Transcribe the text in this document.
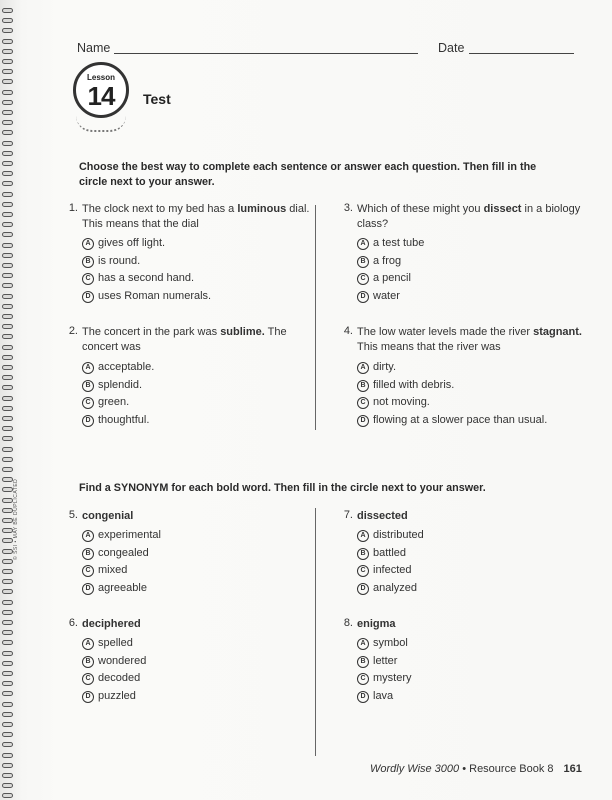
© SSI • MAY BE DUPLICATED
Name	Date
Lesson
14	Test
Choose the best way to complete each sentence or answer each question. Then fill in the circle next to your answer.
1. The clock next to my bed has a luminous dial. This means that the dial
A gives off light.
B is round.
C has a second hand.
D uses Roman numerals.
2. The concert in the park was sublime. The concert was
A acceptable.
B splendid.
C green.
D thoughtful.
3. Which of these might you dissect in a biology class?
A a test tube
B a frog
C a pencil
D water
4. The low water levels made the river stagnant. This means that the river was
A dirty.
B filled with debris.
C not moving.
D flowing at a slower pace than usual.
Find a SYNONYM for each bold word. Then fill in the circle next to your answer.
5. congenial
A experimental
B congealed
C mixed
D agreeable
6. deciphered
A spelled
B wondered
C decoded
D puzzled
7. dissected
A distributed
B battled
C infected
D analyzed
8. enigma
A symbol
B letter
C mystery
D lava
Wordly Wise 3000 • Resource Book 8 161
